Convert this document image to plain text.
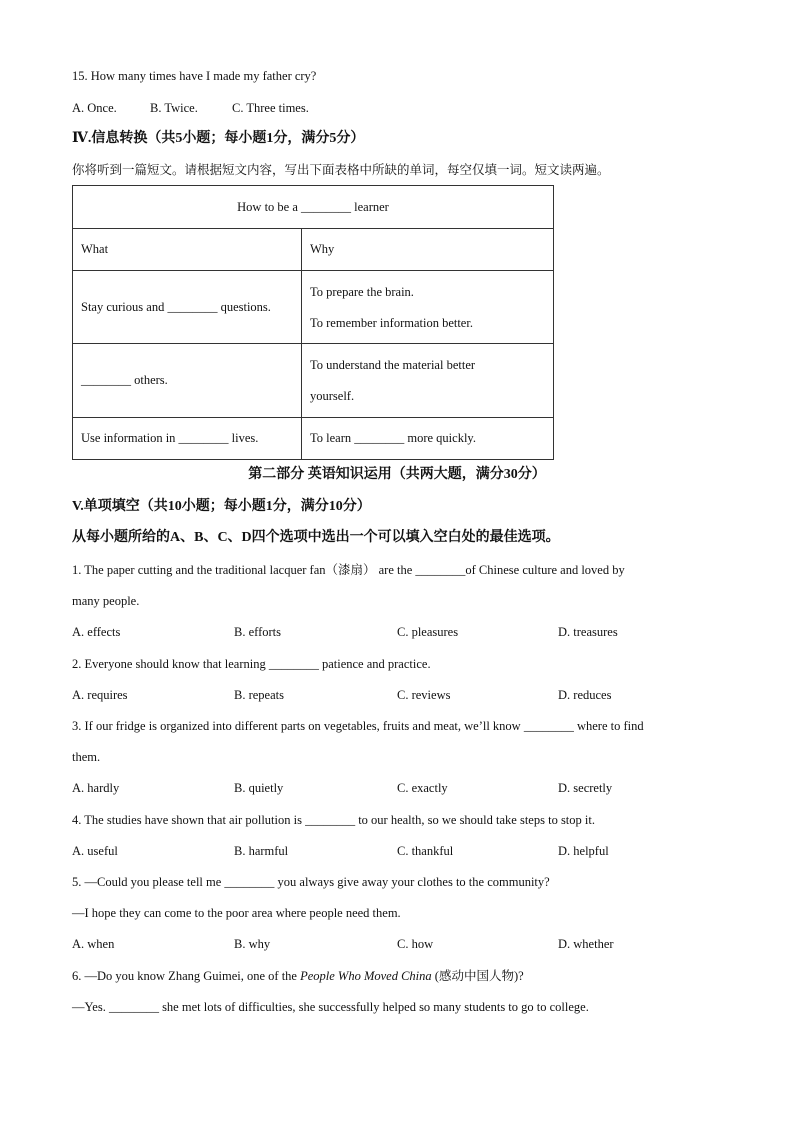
15. How many times have I made my father cry?
A. Once.	B. Twice.	C. Three times.
Ⅳ.信息转换（共5小题；每小题1分，满分5分）
你将听到一篇短文。请根据短文内容，写出下面表格中所缺的单词，每空仅填一词。短文读两遍。
How to be a ________ learner	
What	Why
Stay curious and ________ questions.	To prepare the brain.
To remember information better.

________ others.	To understand the material better
yourself.

Use information in ________ lives.	To learn ________ more quickly.
第二部分 英语知识运用（共两大题，满分30分）
V.单项填空（共10小题；每小题1分，满分10分）
从每小题所给的A、B、C、D四个选项中选出一个可以填入空白处的最佳选项。
1. The paper cutting and the traditional lacquer fan（漆扇） are the ________of Chinese culture and loved by
many people.
A. effects	B. efforts	C. pleasures	D. treasures
2. Everyone should know that learning ________ patience and practice.
A. requires	B. repeats	C. reviews	D. reduces
3. If our fridge is organized into different parts on vegetables, fruits and meat, we’ll know ________ where to find
them.
A. hardly	B. quietly	C. exactly	D. secretly
4. The studies have shown that air pollution is ________ to our health, so we should take steps to stop it.
A. useful	B. harmful	C. thankful	D. helpful
5. —Could you please tell me ________ you always give away your clothes to the community?
—I hope they can come to the poor area where people need them.
A. when	B. why	C. how	D. whether
6. —Do you know Zhang Guimei, one of the People Who Moved China (感动中国人物)?
—Yes. ________ she met lots of difficulties, she successfully helped so many students to go to college.
